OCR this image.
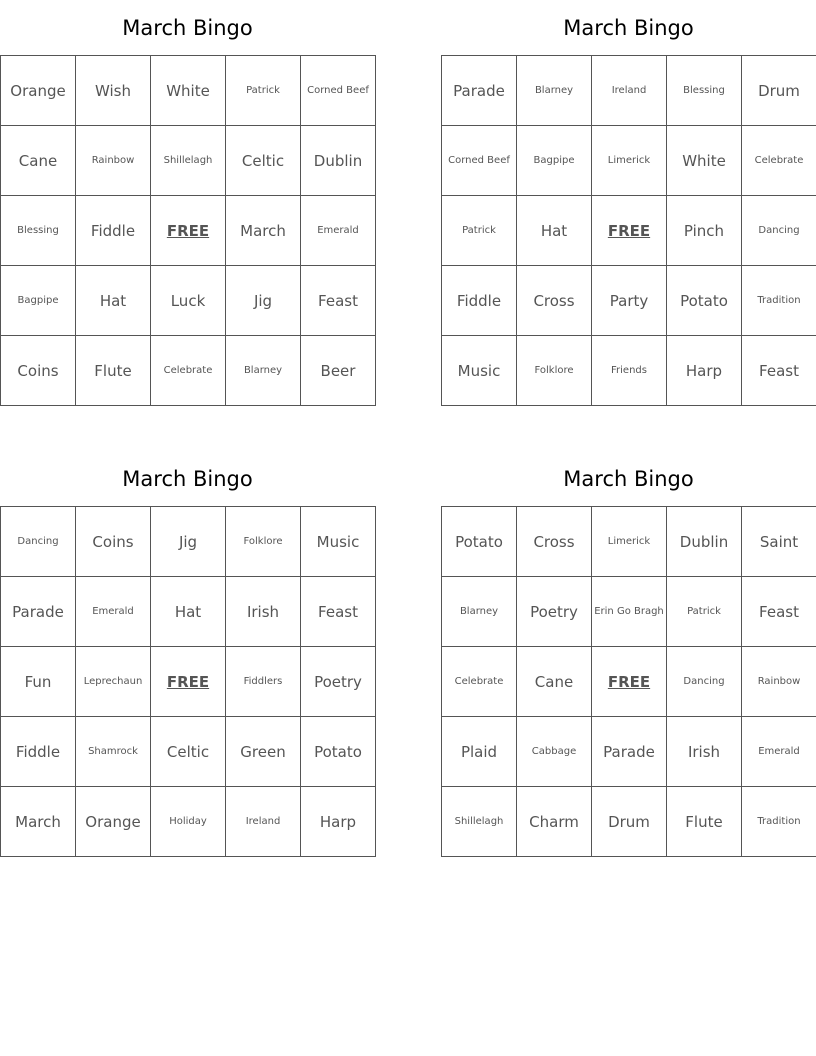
March Bingo
Orange	Wish	White	Patrick	Corned Beef
Cane	Rainbow	Shillelagh	Celtic	Dublin
Blessing	Fiddle	FREE	March	Emerald
Bagpipe	Hat	Luck	Jig	Feast
Coins	Flute	Celebrate	Blarney	Beer
March Bingo
Parade	Blarney	Ireland	Blessing	Drum
Corned Beef	Bagpipe	Limerick	White	Celebrate
Patrick	Hat	FREE	Pinch	Dancing
Fiddle	Cross	Party	Potato	Tradition
Music	Folklore	Friends	Harp	Feast
March Bingo
Dancing	Coins	Jig	Folklore	Music
Parade	Emerald	Hat	Irish	Feast
Fun	Leprechaun	FREE	Fiddlers	Poetry
Fiddle	Shamrock	Celtic	Green	Potato
March	Orange	Holiday	Ireland	Harp
March Bingo
Potato	Cross	Limerick	Dublin	Saint
Blarney	Poetry	Erin Go Bragh	Patrick	Feast
Celebrate	Cane	FREE	Dancing	Rainbow
Plaid	Cabbage	Parade	Irish	Emerald
Shillelagh	Charm	Drum	Flute	Tradition
